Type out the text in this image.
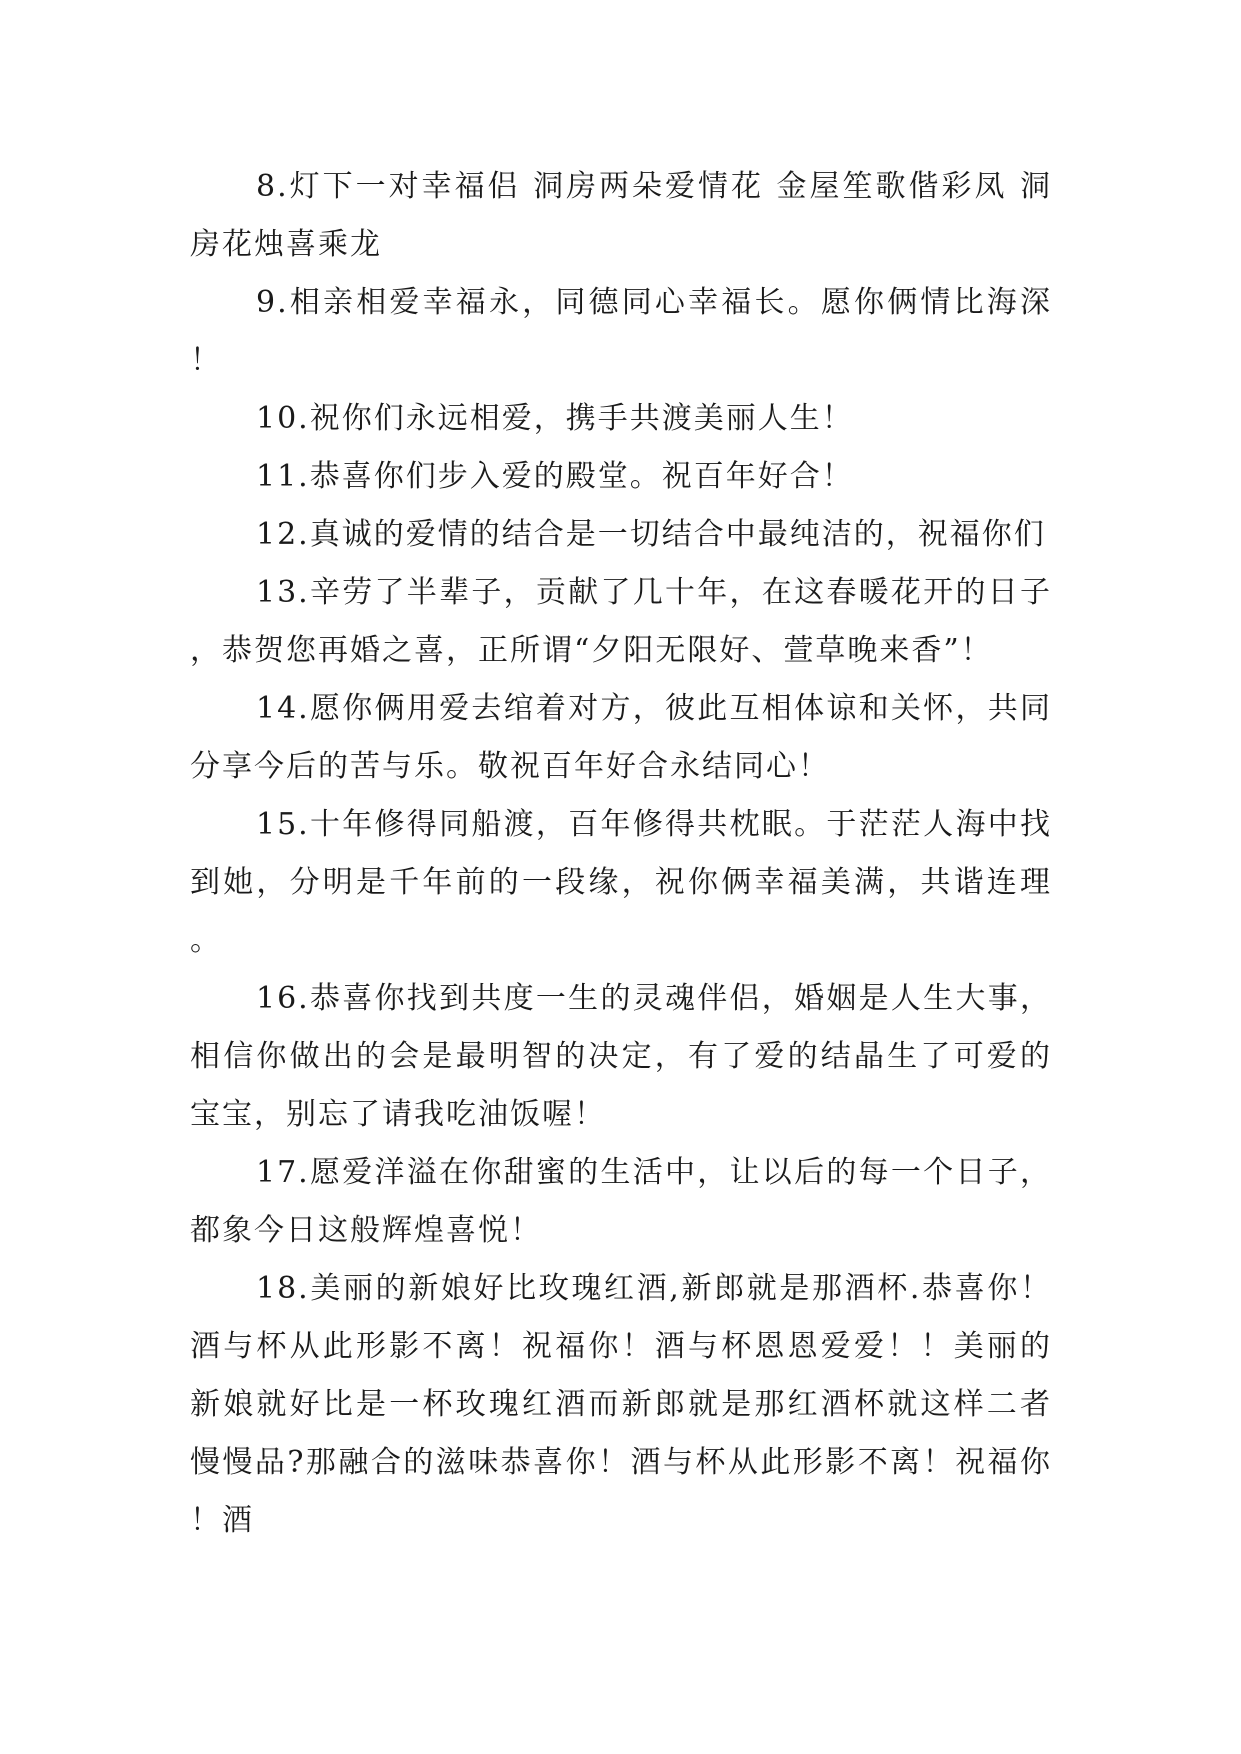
8.灯下一对幸福侣 洞房两朵爱情花 金屋笙歌偕彩凤 洞房花烛喜乘龙

9.相亲相爱幸福永，同德同心幸福长。愿你俩情比海深！

10.祝你们永远相爱，携手共渡美丽人生！

11.恭喜你们步入爱的殿堂。祝百年好合！

12.真诚的爱情的结合是一切结合中最纯洁的，祝福你们

13.辛劳了半辈子，贡献了几十年，在这春暖花开的日子，恭贺您再婚之喜，正所谓“夕阳无限好、萱草晚来香”！

14.愿你俩用爱去绾着对方，彼此互相体谅和关怀，共同分享今后的苦与乐。敬祝百年好合永结同心！

15.十年修得同船渡，百年修得共枕眠。于茫茫人海中找到她，分明是千年前的一段缘，祝你俩幸福美满，共谐连理。

16.恭喜你找到共度一生的灵魂伴侣，婚姻是人生大事，相信你做出的会是最明智的决定，有了爱的结晶生了可爱的宝宝，别忘了请我吃油饭喔！

17.愿爱洋溢在你甜蜜的生活中，让以后的每一个日子，都象今日这般辉煌喜悦！

18.美丽的新娘好比玫瑰红酒,新郎就是那酒杯.恭喜你！酒与杯从此形影不离！祝福你！酒与杯恩恩爱爱！！美丽的新娘就好比是一杯玫瑰红酒而新郎就是那红酒杯就这样二者慢慢品?那融合的滋味恭喜你！酒与杯从此形影不离！祝福你！酒
